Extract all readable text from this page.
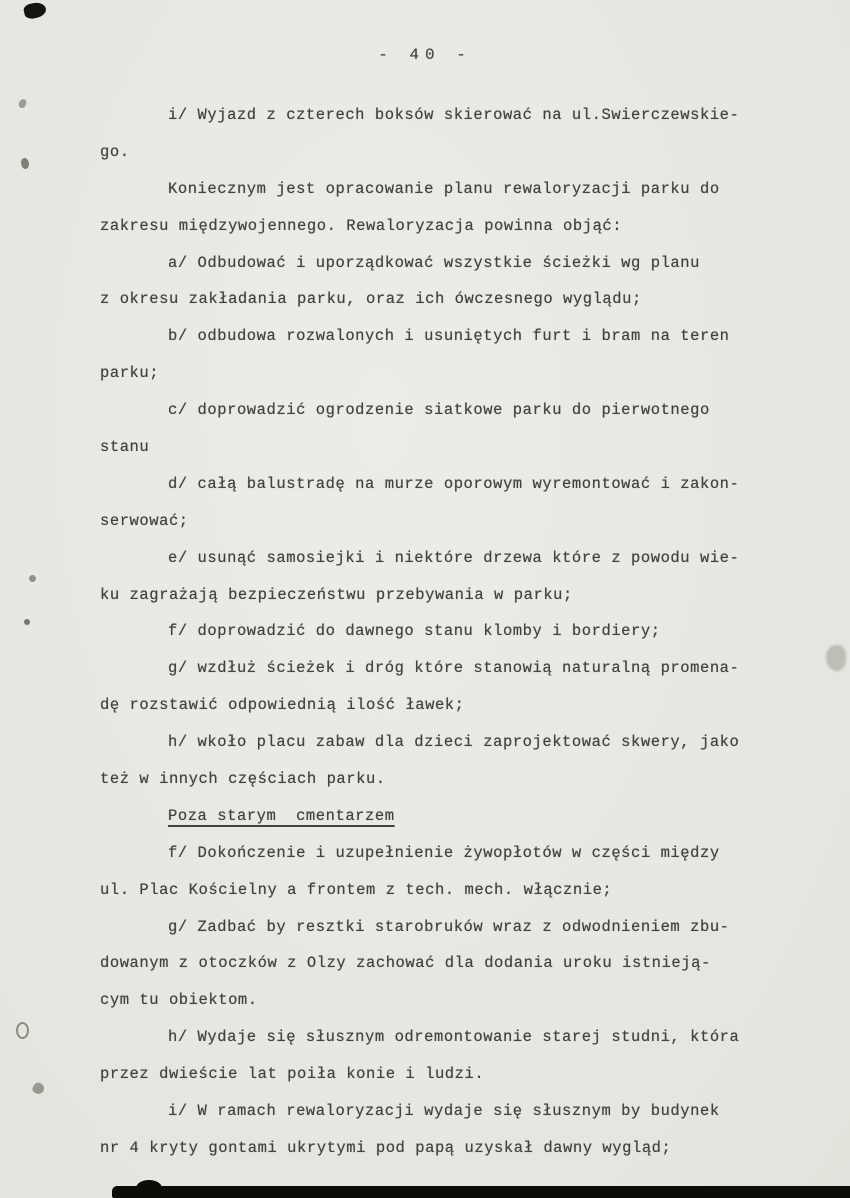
- 40 -
i/ Wyjazd z czterech boksów skierować na ul.Swierczewskie-
go.
Koniecznym jest opracowanie planu rewaloryzacji parku do
zakresu międzywojennego. Rewaloryzacja powinna objąć:
a/ Odbudować i uporządkować wszystkie ścieżki wg planu
z okresu zakładania parku, oraz ich ówczesnego wyglądu;
b/ odbudowa rozwalonych i usuniętych furt i bram na teren
parku;
c/ doprowadzić ogrodzenie siatkowe parku do pierwotnego
stanu
d/ całą balustradę na murze oporowym wyremontować i zakon-
serwować;
e/ usunąć samosiejki i niektóre drzewa które z powodu wie-
ku zagrażają bezpieczeństwu przebywania w parku;
f/ doprowadzić do dawnego stanu klomby i bordiery;
g/ wzdłuż ścieżek i dróg które stanowią naturalną promena-
dę rozstawić odpowiednią ilość ławek;
h/ wkoło placu zabaw dla dzieci zaprojektować skwery, jako
też w innych częściach parku.
Poza starym  cmentarzem
f/ Dokończenie i uzupełnienie żywopłotów w części między
ul. Plac Kościelny a frontem z tech. mech. włącznie;
g/ Zadbać by resztki starobruków wraz z odwodnieniem zbu-
dowanym z otoczków z Olzy zachować dla dodania uroku istnieją-
cym tu obiektom.
h/ Wydaje się słusznym odremontowanie starej studni, która
przez dwieście lat poiła konie i ludzi.
i/ W ramach rewaloryzacji wydaje się słusznym by budynek
nr 4 kryty gontami ukrytymi pod papą uzyskał dawny wygląd;
